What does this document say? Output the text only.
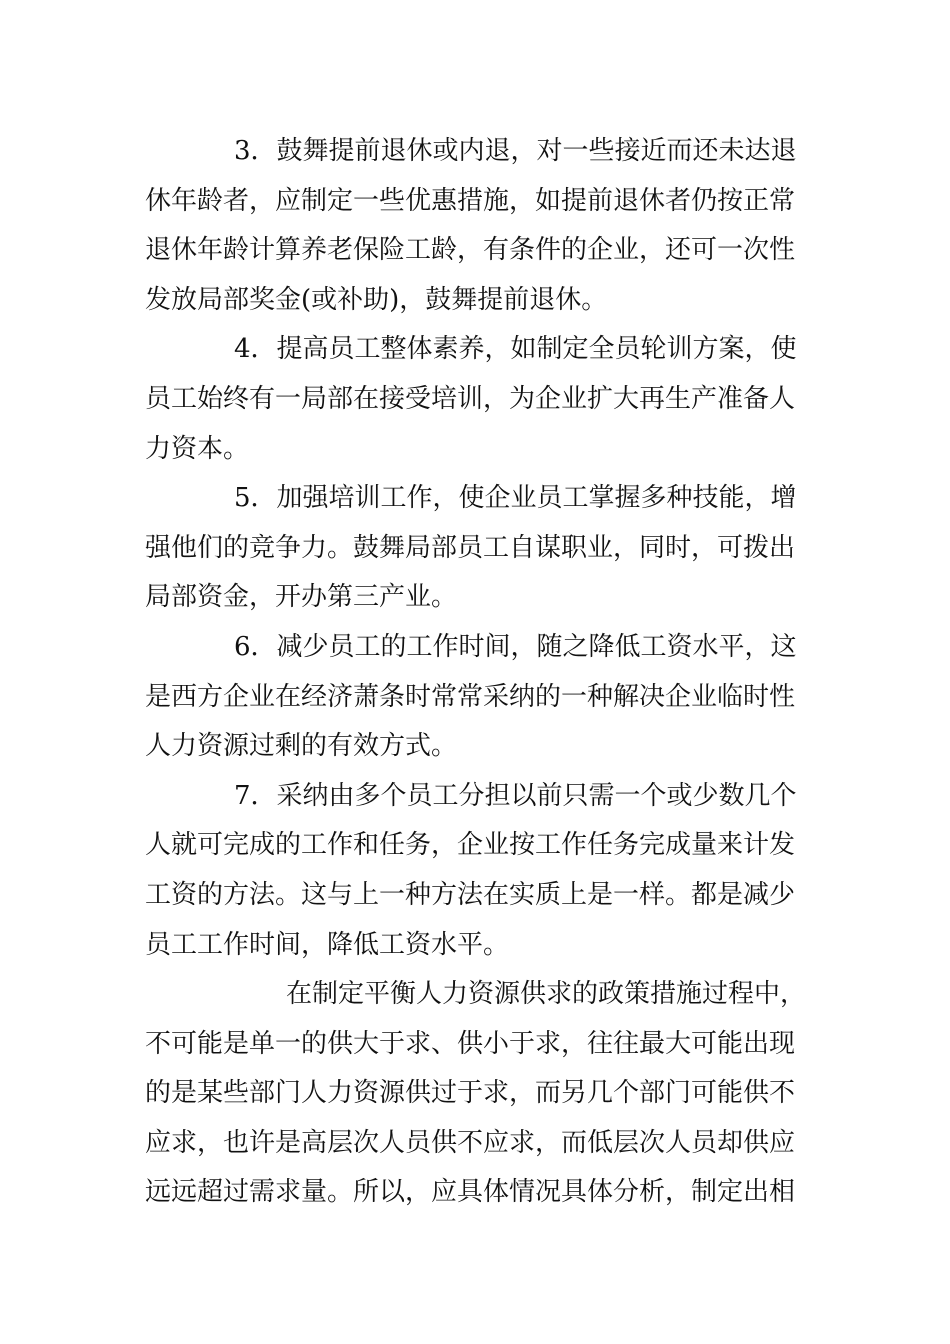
3．鼓舞提前退休或内退，对一些接近而还未达退
休年龄者，应制定一些优惠措施，如提前退休者仍按正常
退休年龄计算养老保险工龄，有条件的企业，还可一次性
发放局部奖金(或补助)，鼓舞提前退休。
4．提高员工整体素养，如制定全员轮训方案，使
员工始终有一局部在接受培训，为企业扩大再生产准备人
力资本。
5．加强培训工作，使企业员工掌握多种技能，增
强他们的竞争力。鼓舞局部员工自谋职业，同时，可拨出
局部资金，开办第三产业。
6．减少员工的工作时间，随之降低工资水平，这
是西方企业在经济萧条时常常采纳的一种解决企业临时性
人力资源过剩的有效方式。
7．采纳由多个员工分担以前只需一个或少数几个
人就可完成的工作和任务，企业按工作任务完成量来计发
工资的方法。这与上一种方法在实质上是一样。都是减少
员工工作时间，降低工资水平。
在制定平衡人力资源供求的政策措施过程中，
不可能是单一的供大于求、供小于求，往往最大可能出现
的是某些部门人力资源供过于求，而另几个部门可能供不
应求，也许是高层次人员供不应求，而低层次人员却供应
远远超过需求量。所以，应具体情况具体分析，制定出相
